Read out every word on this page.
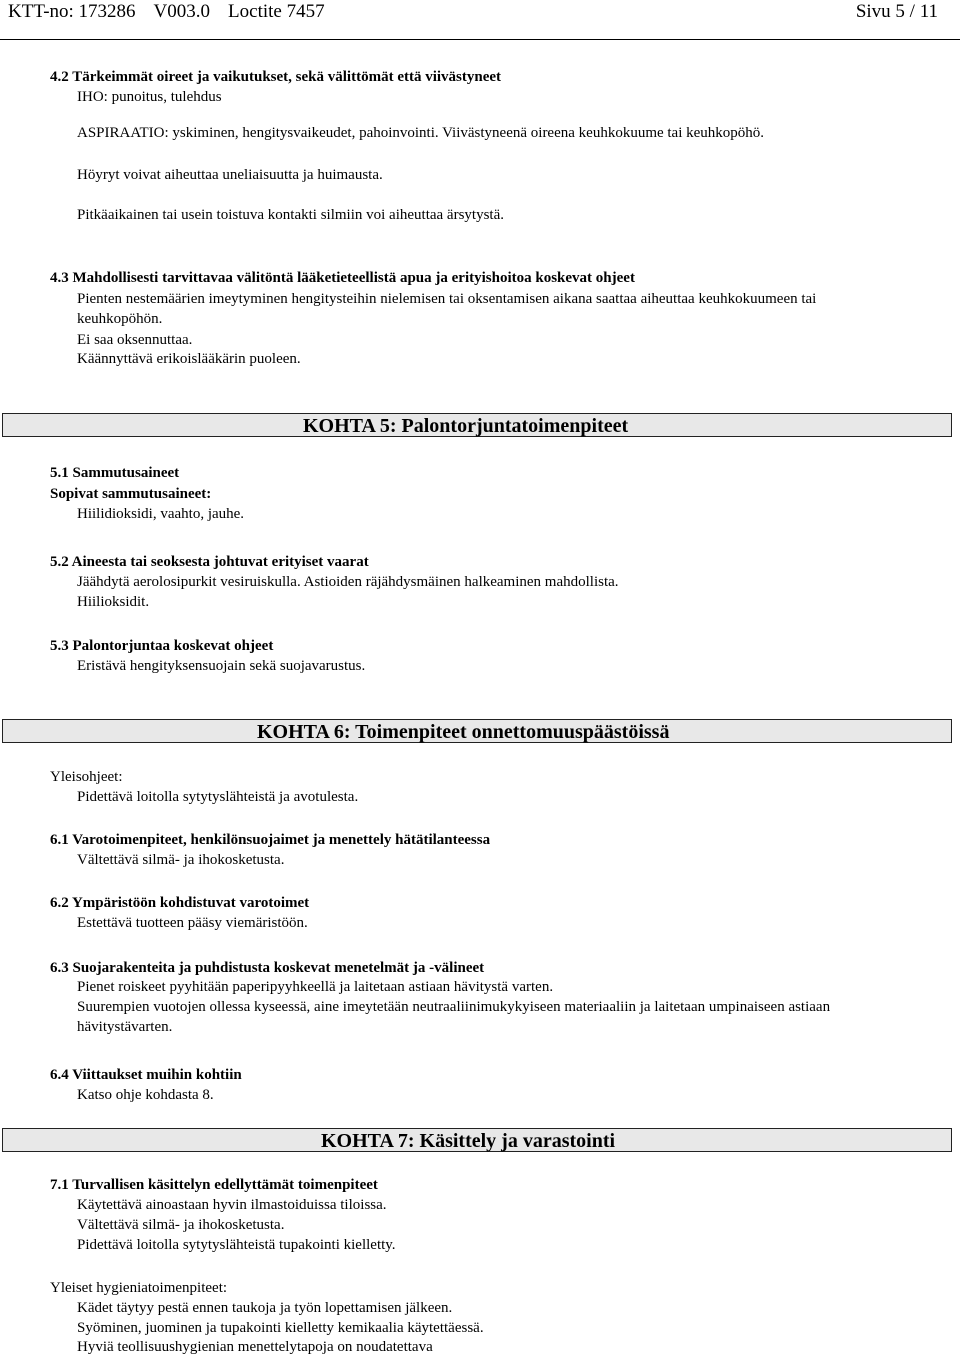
KTT-no: 173286 V003.0 Loctite 7457	Sivu 5 / 11
4.2 Tärkeimmät oireet ja vaikutukset, sekä välittömät että viivästyneet
IHO: punoitus, tulehdus
ASPIRAATIO: yskiminen, hengitysvaikeudet, pahoinvointi. Viivästyneenä oireena keuhkokuume tai keuhkopöhö.
Höyryt voivat aiheuttaa uneliaisuutta ja huimausta.
Pitkäaikainen tai usein toistuva kontakti silmiin voi aiheuttaa ärsytystä.
4.3 Mahdollisesti tarvittavaa välitöntä lääketieteellistä apua ja erityishoitoa koskevat ohjeet
Pienten nestemäärien imeytyminen hengitysteihin nielemisen tai oksentamisen aikana saattaa aiheuttaa keuhkokuumeen tai
keuhkopöhön.
Ei saa oksennuttaa.
Käännyttävä erikoislääkärin puoleen.
KOHTA 5: Palontorjuntatoimenpiteet
5.1 Sammutusaineet
Sopivat sammutusaineet:
Hiilidioksidi, vaahto, jauhe.
5.2 Aineesta tai seoksesta johtuvat erityiset vaarat
Jäähdytä aerolosipurkit vesiruiskulla. Astioiden räjähdysmäinen halkeaminen mahdollista.
Hiilioksidit.
5.3 Palontorjuntaa koskevat ohjeet
Eristävä hengityksensuojain sekä suojavarustus.
KOHTA 6: Toimenpiteet onnettomuuspäästöissä
Yleisohjeet:
Pidettävä loitolla sytytyslähteistä ja avotulesta.
6.1 Varotoimenpiteet, henkilönsuojaimet ja menettely hätätilanteessa
Vältettävä silmä- ja ihokosketusta.
6.2 Ympäristöön kohdistuvat varotoimet
Estettävä tuotteen pääsy viemäristöön.
6.3 Suojarakenteita ja puhdistusta koskevat menetelmät ja -välineet
Pienet roiskeet pyyhitään paperipyyhkeellä ja laitetaan astiaan hävitystä varten.
Suurempien vuotojen ollessa kyseessä, aine imeytetään neutraaliinimukykyiseen materiaaliin ja laitetaan umpinaiseen astiaan
hävitystävarten.
6.4 Viittaukset muihin kohtiin
Katso ohje kohdasta 8.
KOHTA 7: Käsittely ja varastointi
7.1 Turvallisen käsittelyn edellyttämät toimenpiteet
Käytettävä ainoastaan hyvin ilmastoiduissa tiloissa.
Vältettävä silmä- ja ihokosketusta.
Pidettävä loitolla sytytyslähteistä tupakointi kielletty.
Yleiset hygieniatoimenpiteet:
Kädet täytyy pestä ennen taukoja ja työn lopettamisen jälkeen.
Syöminen, juominen ja tupakointi kielletty kemikaalia käytettäessä.
Hyviä teollisuushygienian menettelytapoja on noudatettava
